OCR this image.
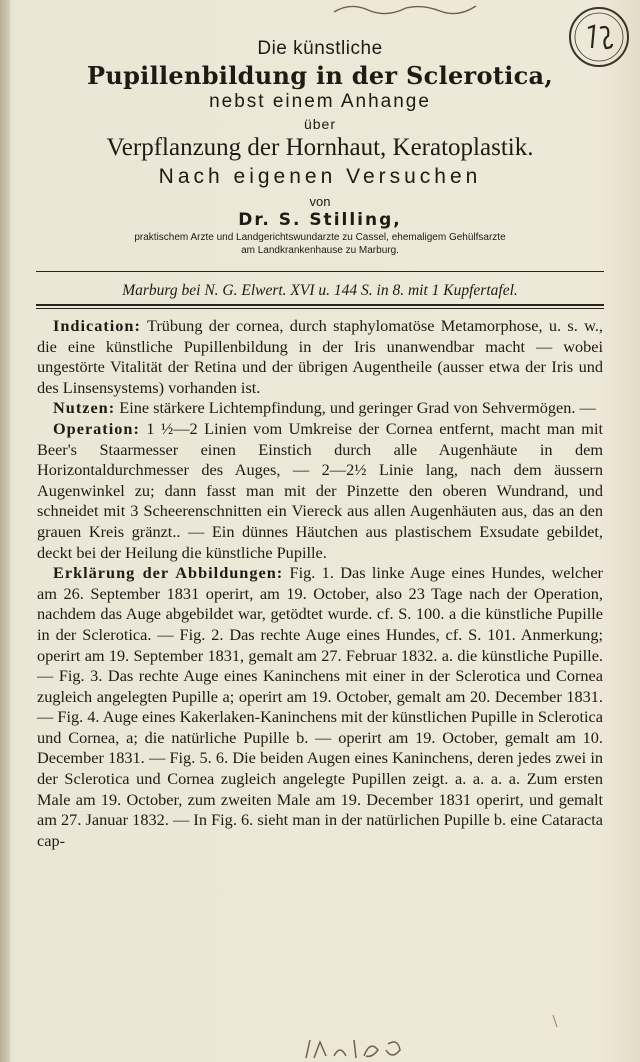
Die künstliche
Pupillenbildung in der Sclerotica,
nebst einem Anhange
über
Verpflanzung der Hornhaut, Keratoplastik.
Nach eigenen Versuchen
von
Dr. S. Stilling,
praktischem Arzte und Landgerichtswundarzte zu Cassel, ehemaligem Gehülfsarzte
am Landkrankenhause zu Marburg.
Marburg bei N. G. Elwert. XVI u. 144 S. in 8. mit 1 Kupfertafel.

Indication: Trübung der cornea, durch staphylomatöse Metamorphose, u. s. w., die eine künstliche Pupillenbildung in der Iris unanwendbar macht — wobei ungestörte Vitalität der Retina und der übrigen Augentheile (ausser etwa der Iris und des Linsensystems) vorhanden ist.

Nutzen: Eine stärkere Lichtempfindung, und geringer Grad von Sehvermögen. —

Operation: 1 ½—2 Linien vom Umkreise der Cornea entfernt, macht man mit Beer's Staarmesser einen Einstich durch alle Augenhäute in dem Horizontaldurchmesser des Auges, — 2—2½ Linie lang, nach dem äussern Augenwinkel zu; dann fasst man mit der Pinzette den oberen Wundrand, und schneidet mit 3 Scheerenschnitten ein Viereck aus allen Augenhäuten aus, das an den grauen Kreis gränzt.. — Ein dünnes Häutchen aus plastischem Exsudate gebildet, deckt bei der Heilung die künstliche Pupille.

Erklärung der Abbildungen: Fig. 1. Das linke Auge eines Hundes, welcher am 26. September 1831 operirt, am 19. October, also 23 Tage nach der Operation, nachdem das Auge abgebildet war, getödtet wurde. cf. S. 100. a die künstliche Pupille in der Sclerotica. — Fig. 2. Das rechte Auge eines Hundes, cf. S. 101. Anmerkung; operirt am 19. September 1831, gemalt am 27. Februar 1832. a. die künstliche Pupille. — Fig. 3. Das rechte Auge eines Kaninchens mit einer in der Sclerotica und Cornea zugleich angelegten Pupille a; operirt am 19. October, gemalt am 20. December 1831. — Fig. 4. Auge eines Kakerlaken-Kaninchens mit der künstlichen Pupille in Sclerotica und Cornea, a; die natürliche Pupille b. — operirt am 19. October, gemalt am 10. December 1831. — Fig. 5. 6. Die beiden Augen eines Kaninchens, deren jedes zwei in der Sclerotica und Cornea zugleich angelegte Pupillen zeigt. a. a. a. a. Zum ersten Male am 19. October, zum zweiten Male am 19. December 1831 operirt, und gemalt am 27. Januar 1832. — In Fig. 6. sieht man in der natürlichen Pupille b. eine Cataracta cap-
